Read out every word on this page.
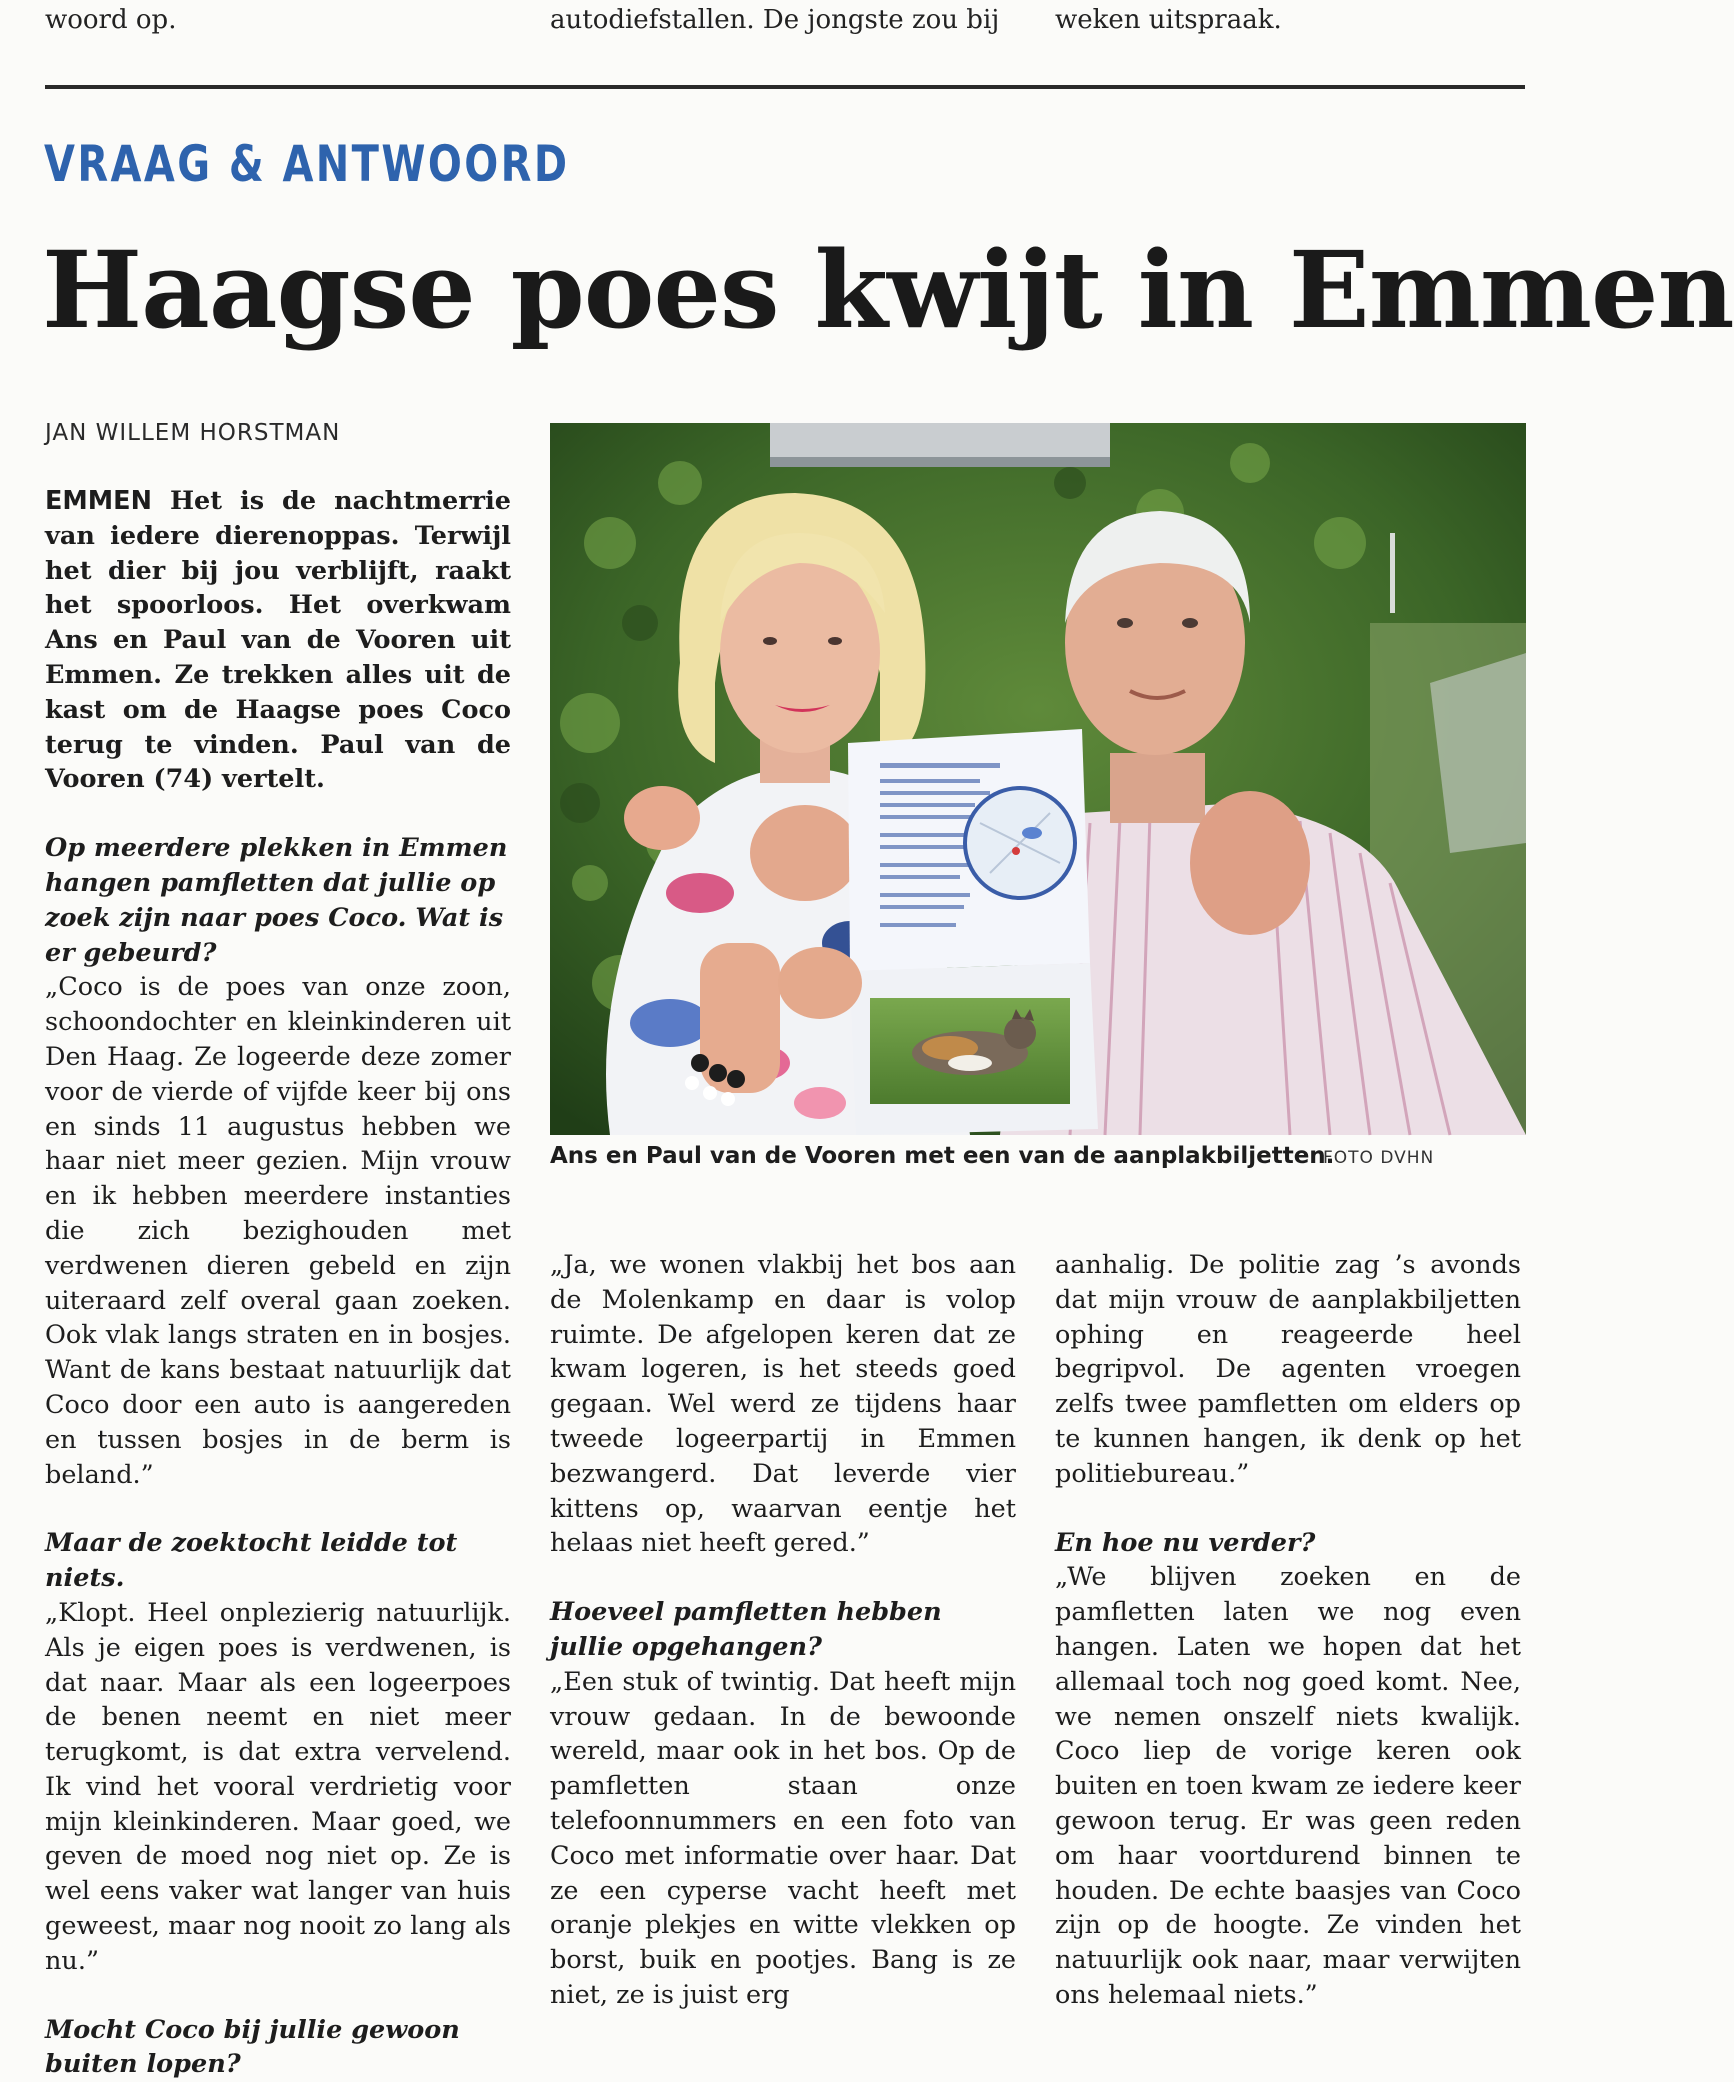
woord op.	autodiefstallen. De jongste zou bij	weken uitspraak.
VRAAG & ANTWOORD
Haagse poes kwijt in Emmen
JAN WILLEM HORSTMAN

EMMEN Het is de nachtmerrie van iedere dierenoppas. Terwijl het dier bij jou verblijft, raakt het spoorloos. Het overkwam Ans en Paul van de Vooren uit Emmen. Ze trekken alles uit de kast om de Haagse poes Coco terug te vinden. Paul van de Vooren (74) vertelt.

Op meerdere plekken in Emmen hangen pamfletten dat jullie op zoek zijn naar poes Coco. Wat is er gebeurd?

„Coco is de poes van onze zoon, schoondochter en kleinkinderen uit Den Haag. Ze logeerde deze zomer voor de vierde of vijfde keer bij ons en sinds 11 augustus hebben we haar niet meer gezien. Mijn vrouw en ik hebben meerdere instanties die zich bezighouden met verdwenen dieren gebeld en zijn uiteraard zelf overal gaan zoeken. Ook vlak langs straten en in bosjes. Want de kans bestaat natuurlijk dat Coco door een auto is aangereden en tussen bosjes in de berm is beland.”

Maar de zoektocht leidde tot niets.

„Klopt. Heel onplezierig natuurlijk. Als je eigen poes is verdwenen, is dat naar. Maar als een logeerpoes de benen neemt en niet meer terugkomt, is dat extra vervelend. Ik vind het vooral verdrietig voor mijn kleinkinderen. Maar goed, we geven de moed nog niet op. Ze is wel eens vaker wat langer van huis geweest, maar nog nooit zo lang als nu.”

Mocht Coco bij jullie gewoon buiten lopen?

Ans en Paul van de Vooren met een van de aanplakbiljetten.
FOTO DVHN

„Ja, we wonen vlakbij het bos aan de Molenkamp en daar is volop ruimte. De afgelopen keren dat ze kwam logeren, is het steeds goed gegaan. Wel werd ze tijdens haar tweede logeerpartij in Emmen bezwangerd. Dat leverde vier kittens op, waarvan eentje het helaas niet heeft gered.”

Hoeveel pamfletten hebben jullie opgehangen?

„Een stuk of twintig. Dat heeft mijn vrouw gedaan. In de bewoonde wereld, maar ook in het bos. Op de pamfletten staan onze telefoonnummers en een foto van Coco met informatie over haar. Dat ze een cyperse vacht heeft met oranje plekjes en witte vlekken op borst, buik en pootjes. Bang is ze niet, ze is juist erg

aanhalig. De politie zag ’s avonds dat mijn vrouw de aanplakbiljetten ophing en reageerde heel begripvol. De agenten vroegen zelfs twee pamfletten om elders op te kunnen hangen, ik denk op het politiebureau.”

En hoe nu verder?

„We blijven zoeken en de pamfletten laten we nog even hangen. Laten we hopen dat het allemaal toch nog goed komt. Nee, we nemen onszelf niets kwalijk. Coco liep de vorige keren ook buiten en toen kwam ze iedere keer gewoon terug. Er was geen reden om haar voortdurend binnen te houden. De echte baasjes van Coco zijn op de hoogte. Ze vinden het natuurlijk ook naar, maar verwijten ons helemaal niets.”
